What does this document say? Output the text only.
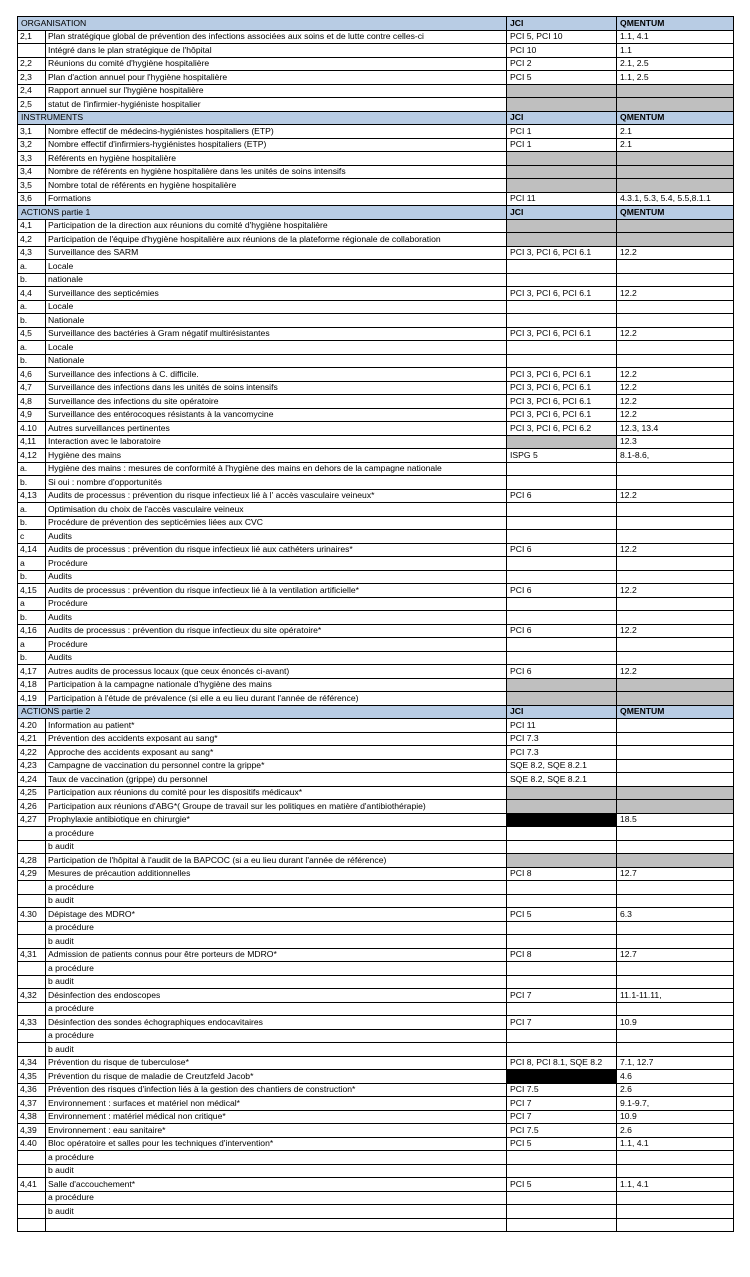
ORGANISATION		JCI	QMENTUM
2,1	Plan stratégique global de prévention des infections associées aux soins et de lutte contre celles-ci	PCI 5, PCI 10	1.1, 4.1
	Intégré dans le plan stratégique de l'hôpital	PCI 10	1.1
2,2	Réunions du comité d'hygiène hospitalière	PCI 2	2.1, 2.5
2,3	Plan d'action annuel pour l'hygiène hospitalière	PCI 5	1.1, 2.5
2,4	Rapport annuel sur l'hygiène hospitalière		
2,5	statut de l'infirmier-hygiéniste hospitalier		
INSTRUMENTS		JCI	QMENTUM
3,1	Nombre effectif de médecins-hygiénistes hospitaliers (ETP)	PCI 1	2.1
3,2	Nombre effectif d'infirmiers-hygiénistes hospitaliers (ETP)	PCI 1	2.1
3,3	Référents en hygiène hospitalière		
3,4	Nombre de référents en hygiène hospitalière dans les unités de soins intensifs		
3,5	Nombre total de référents en hygiène hospitalière		
3,6	Formations	PCI 11	4.3.1, 5.3, 5.4, 5.5,8.1.1
ACTIONS partie 1		JCI	QMENTUM
4,1	Participation de la direction aux réunions du comité d'hygiène hospitalière		
4,2	Participation de l'équipe d'hygiène hospitalière aux réunions de la plateforme régionale de collaboration		
4,3	Surveillance des SARM	PCI 3, PCI 6, PCI 6.1	12.2
a.	Locale		
b.	nationale		
4,4	Surveillance des septicémies	PCI 3, PCI 6, PCI 6.1	12.2
a.	Locale		
b.	Nationale		
4,5	Surveillance des bactéries à Gram négatif multirésistantes	PCI 3, PCI 6, PCI 6.1	12.2
a.	Locale		
b.	Nationale		
4,6	Surveillance des infections à C. difficile.	PCI 3, PCI 6, PCI 6.1	12.2
4,7	Surveillance des infections dans les unités de soins intensifs	PCI 3, PCI 6, PCI 6.1	12.2
4,8	Surveillance des infections du site opératoire	PCI 3, PCI 6, PCI 6.1	12.2
4,9	Surveillance des entérocoques résistants à la vancomycine	PCI 3, PCI 6, PCI 6.1	12.2
4.10	Autres surveillances pertinentes	PCI 3, PCI 6, PCI 6.2	12.3, 13.4
4,11	Interaction avec le laboratoire		12.3
4,12	Hygiène des mains	ISPG 5	8.1-8.6,
a.	Hygiène des mains : mesures de conformité à l'hygiène des mains en dehors de la campagne nationale		
b.	Si oui : nombre d'opportunités		
4,13	Audits de processus : prévention du risque infectieux lié à l' accès vasculaire veineux*	PCI 6	12.2
a.	Optimisation du choix de l'accès vasculaire veineux		
b.	Procédure de prévention des septicémies liées aux CVC		
c	Audits		
4,14	Audits de processus : prévention du risque infectieux lié aux cathéters urinaires*	PCI 6	12.2
a	Procédure		
b.	Audits		
4,15	Audits de processus : prévention du risque infectieux lié à la ventilation artificielle*	PCI 6	12.2
a	Procédure		
b.	Audits		
4,16	Audits de processus : prévention du risque infectieux du site opératoire*	PCI 6	12.2
a	Procédure		
b.	Audits		
4,17	Autres audits de processus locaux (que ceux énoncés ci-avant)	PCI 6	12.2
4,18	Participation à la campagne nationale d'hygiène des mains		
4,19	Participation à l'étude de prévalence (si elle a eu lieu durant l'année de référence)		
ACTIONS partie 2		JCI	QMENTUM
4.20	Information au patient*	PCI 11	
4,21	Prévention des accidents exposant au sang*	PCI 7.3	
4,22	Approche des accidents exposant au sang*	PCI 7.3	
4,23	Campagne de vaccination du personnel contre la grippe*	SQE 8.2, SQE 8.2.1	
4,24	Taux de vaccination (grippe) du personnel	SQE 8.2, SQE 8.2.1	
4,25	Participation aux réunions du comité pour les dispositifs médicaux*		
4,26	Participation aux réunions d'ABG*( Groupe de travail sur les politiques en matière d'antibiothérapie)		
4,27	Prophylaxie antibiotique en chirurgie*		18.5
	a procédure		
	b audit		
4,28	Participation de l'hôpital à l'audit de la BAPCOC (si a eu lieu durant l'année de référence)		
4,29	Mesures de précaution additionnelles	PCI 8	12.7
	a procédure		
	b audit		
4.30	Dépistage des MDRO*	PCI 5	6.3
	a procédure		
	b audit		
4,31	Admission de patients connus pour être porteurs de MDRO*	PCI 8	12.7
	a procédure		
	b audit		
4,32	Désinfection des endoscopes	PCI 7	11.1-11.11,
	a procédure		
4,33	Désinfection des sondes échographiques endocavitaires	PCI 7	10.9
	a procédure		
	b audit		
4,34	Prévention du risque de tuberculose*	PCI 8, PCI 8.1, SQE 8.2	7.1, 12.7
4,35	Prévention du risque de maladie de Creutzfeld Jacob*		4.6
4,36	Prévention des risques d'infection liés à la gestion des chantiers de construction*	PCI 7.5	2.6
4,37	Environnement : surfaces et matériel non médical*	PCI 7	9.1-9.7,
4,38	Environnement : matériel médical non critique*	PCI 7	10.9
4,39	Environnement : eau sanitaire*	PCI 7.5	2.6
4.40	Bloc opératoire et salles pour les techniques d'intervention*	PCI 5	1.1, 4.1
	a procédure		
	b audit		
4,41	Salle d'accouchement*	PCI 5	1.1, 4.1
	a procédure		
	b audit		
